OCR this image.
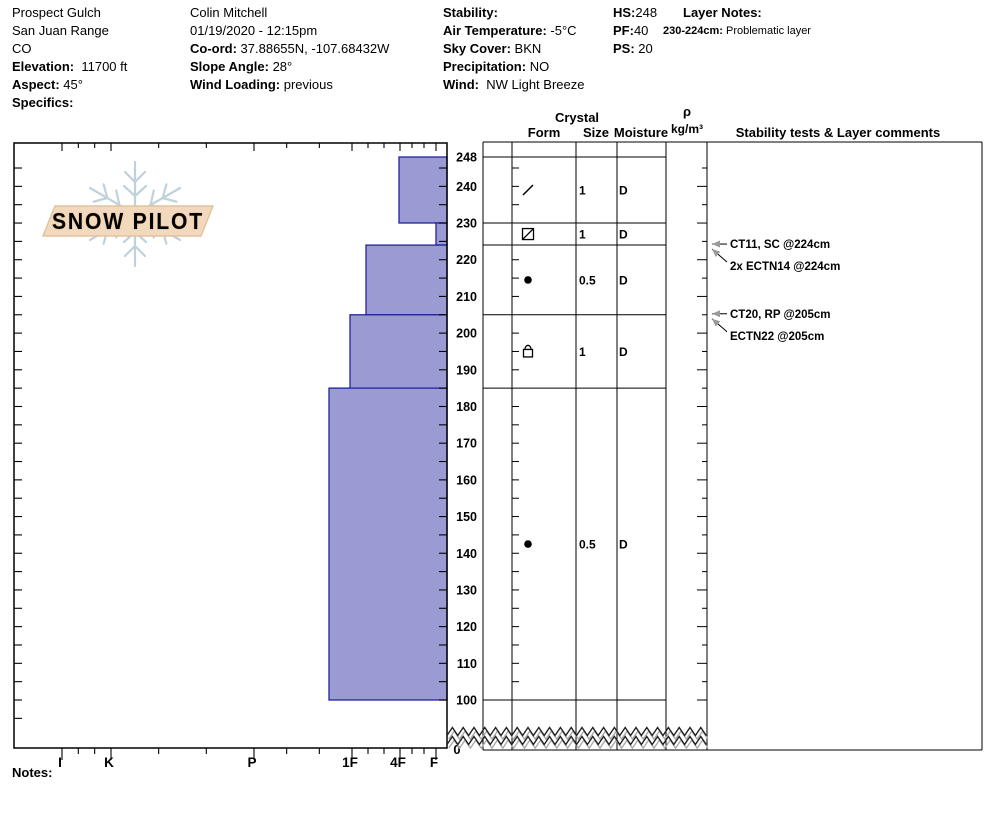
Prospect Gulch
San Juan Range
CO
Elevation:  11700 ft
Aspect: 45°
Specifics:
Colin Mitchell
01/19/2020 - 12:15pm
Co-ord: 37.88655N, -107.68432W
Slope Angle: 28°
Wind Loading: previous
Stability:
Air Temperature: -5°C
Sky Cover: BKN
Precipitation: NO
Wind:  NW Light Breeze
HS:248
PF:40
PS: 20
Layer Notes:
230-224cm: Problematic layer
SNOW PILOT
I	K	P	1F 4F F
248
240
230
220
210
200
190
180
170
160
150
140
130
120
110
100
1	D
1	D
0.5 D
1	D
0.5 D
Crystal
Form Size Moisture
ρ
kg/m³	Stability tests & Layer comments
0
CT11, SC @224cm
2x ECTN14 @224cm
CT20, RP @205cm
ECTN22 @205cm
Notes:
